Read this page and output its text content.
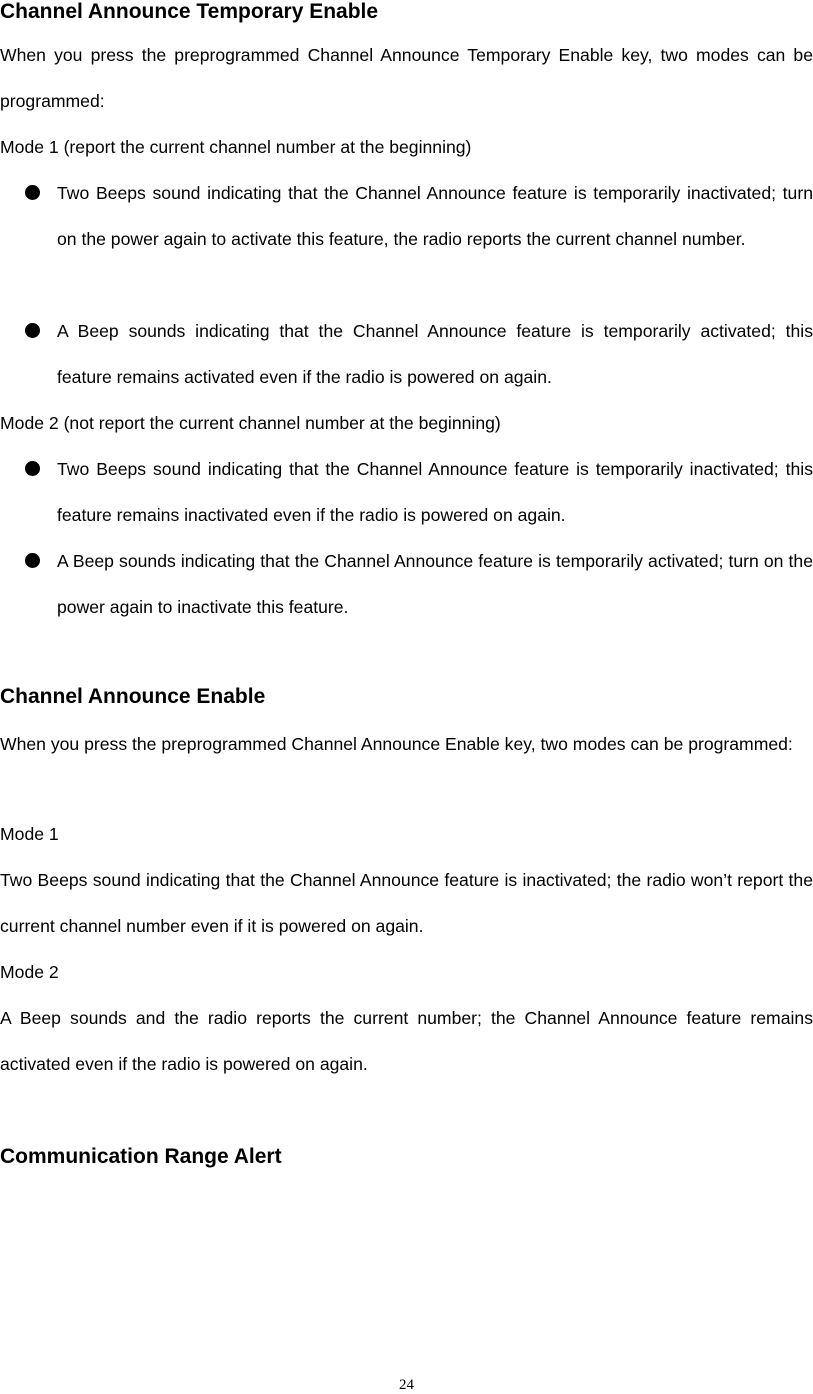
Channel Announce Temporary Enable

When you press the preprogrammed Channel Announce Temporary Enable key, two modes can be programmed:

Mode 1 (report the current channel number at the beginning)

Two Beeps sound indicating that the Channel Announce feature is temporarily inactivated; turn on the power again to activate this feature, the radio reports the current channel number.

A Beep sounds indicating that the Channel Announce feature is temporarily activated; this feature remains activated even if the radio is powered on again.

Mode 2 (not report the current channel number at the beginning)

Two Beeps sound indicating that the Channel Announce feature is temporarily inactivated; this feature remains inactivated even if the radio is powered on again.

A Beep sounds indicating that the Channel Announce feature is temporarily activated; turn on the power again to inactivate this feature.

Channel Announce Enable

When you press the preprogrammed Channel Announce Enable key, two modes can be programmed:

Mode 1

Two Beeps sound indicating that the Channel Announce feature is inactivated; the radio won’t report the current channel number even if it is powered on again.

Mode 2

A Beep sounds and the radio reports the current number; the Channel Announce feature remains activated even if the radio is powered on again.

Communication Range Alert
24
